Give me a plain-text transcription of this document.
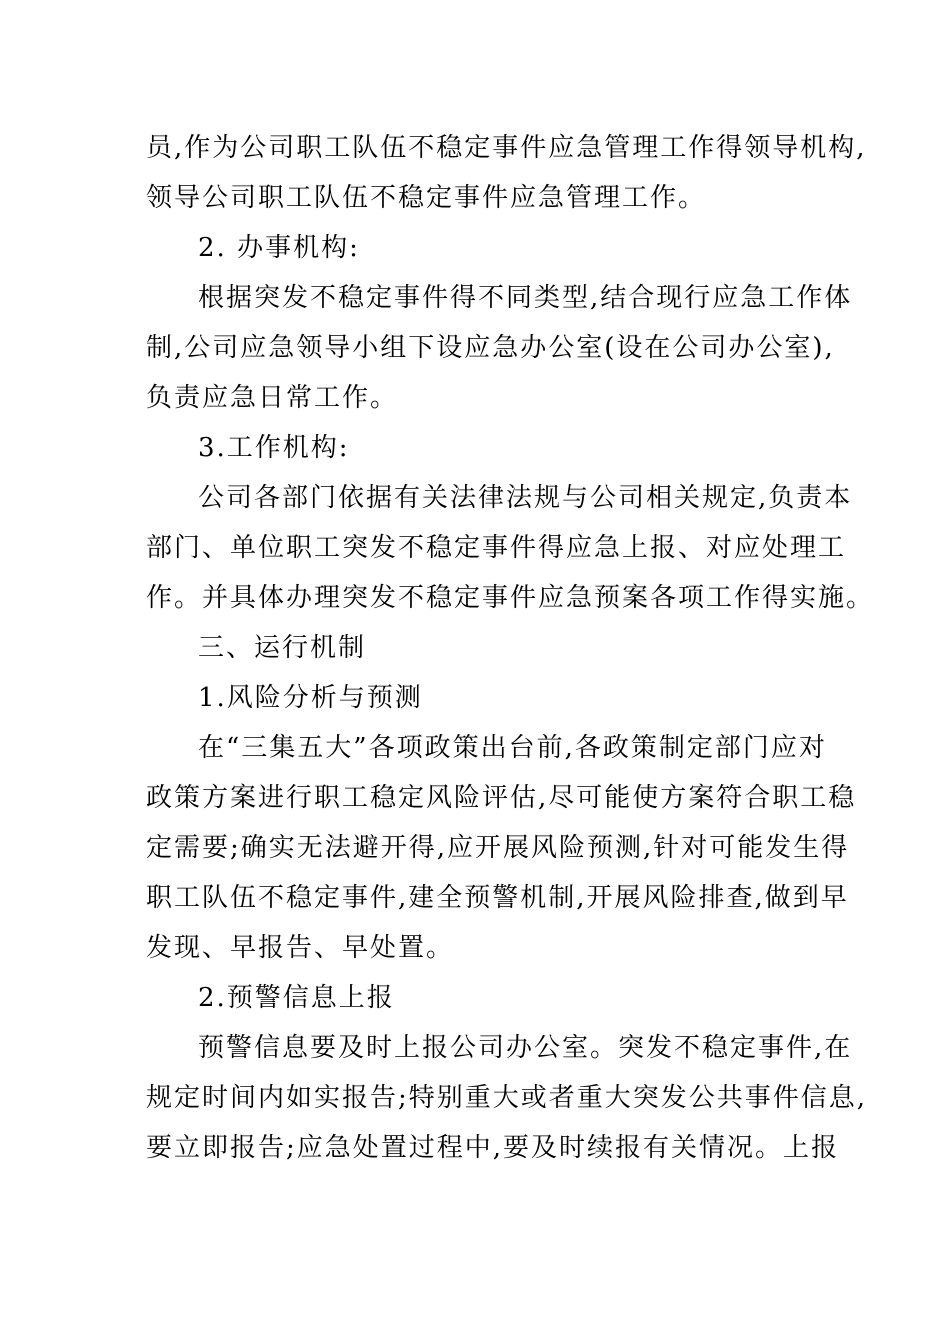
员,作为公司职工队伍不稳定事件应急管理工作得领导机构,
领导公司职工队伍不稳定事件应急管理工作。
2. 办事机构:
根据突发不稳定事件得不同类型,结合现行应急工作体
制,公司应急领导小组下设应急办公室(设在公司办公室),
负责应急日常工作。
3.工作机构:
公司各部门依据有关法律法规与公司相关规定,负责本
部门、单位职工突发不稳定事件得应急上报、对应处理工
作。并具体办理突发不稳定事件应急预案各项工作得实施。
三、运行机制
1.风险分析与预测
在“三集五大”各项政策出台前,各政策制定部门应对
政策方案进行职工稳定风险评估,尽可能使方案符合职工稳
定需要;确实无法避开得,应开展风险预测,针对可能发生得
职工队伍不稳定事件,建全预警机制,开展风险排查,做到早
发现、早报告、早处置。
2.预警信息上报
预警信息要及时上报公司办公室。突发不稳定事件,在
规定时间内如实报告;特别重大或者重大突发公共事件信息,
要立即报告;应急处置过程中,要及时续报有关情况。上报
